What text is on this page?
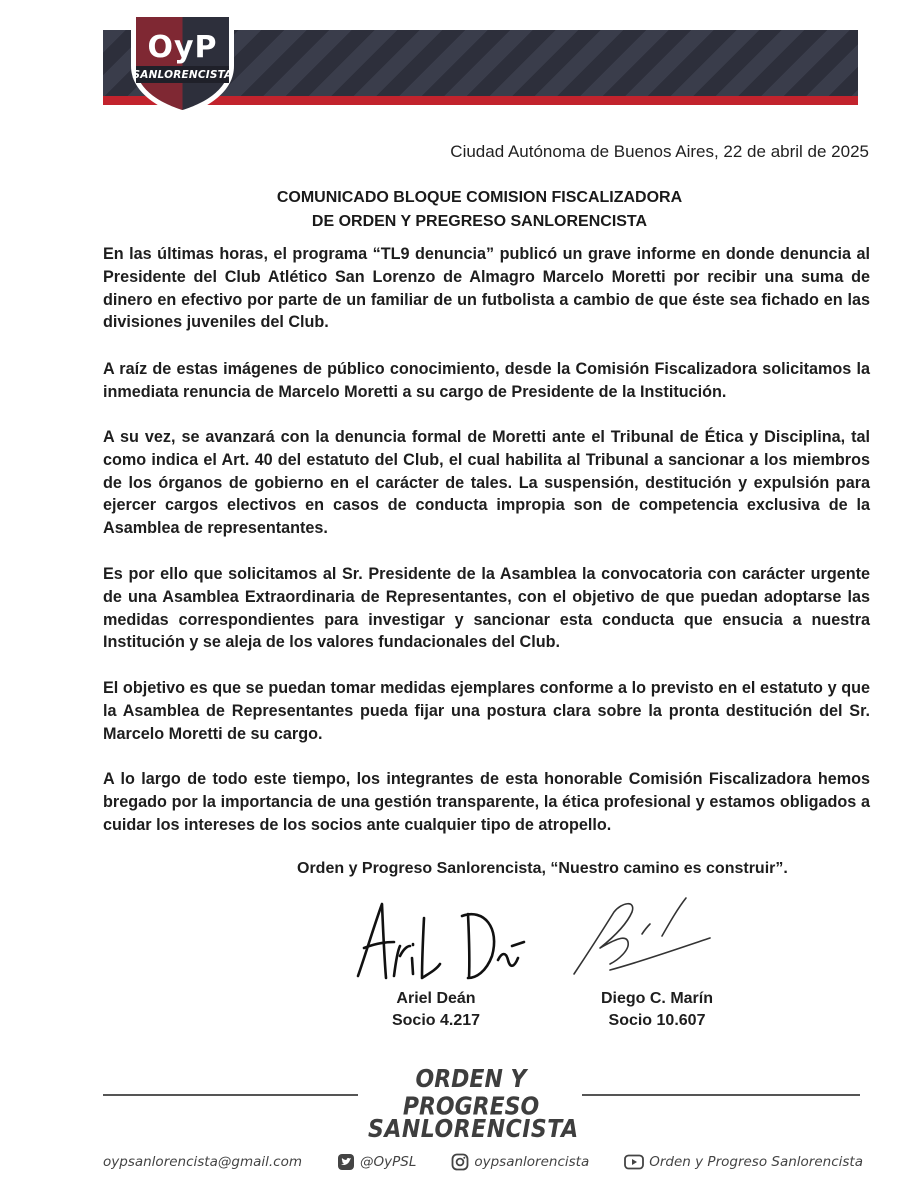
OyP
SANLORENCISTA
Ciudad Autónoma de Buenos Aires, 22 de abril de 2025
COMUNICADO BLOQUE COMISION FISCALIZADORA
DE ORDEN Y PREGRESO SANLORENCISTA

En las últimas horas, el programa “TL9 denuncia” publicó un grave informe en donde denuncia al Presidente del Club Atlético San Lorenzo de Almagro Marcelo Moretti por recibir una suma de dinero en efectivo por parte de un familiar de un futbolista a cambio de que éste sea fichado en las divisiones juveniles del Club.

A raíz de estas imágenes de público conocimiento, desde la Comisión Fiscalizadora solicitamos la inmediata renuncia de Marcelo Moretti a su cargo de Presidente de la Institución.

A su vez, se avanzará con la denuncia formal de Moretti ante el Tribunal de Ética y Disciplina, tal como indica el Art. 40 del estatuto del Club, el cual habilita al Tribunal a sancionar a los miembros de los órganos de gobierno en el carácter de tales. La suspensión, destitución y expulsión para ejercer cargos electivos en casos de conducta impropia son de competencia exclusiva de la Asamblea de representantes.

Es por ello que solicitamos al Sr. Presidente de la Asamblea la convocatoria con carácter urgente de una Asamblea Extraordinaria de Representantes, con el objetivo de que puedan adoptarse las medidas correspondientes para investigar y sancionar esta conducta que ensucia a nuestra Institución y se aleja de los valores fundacionales del Club.

El objetivo es que se puedan tomar medidas ejemplares conforme a lo previsto en el estatuto y que la Asamblea de Representantes pueda fijar una postura clara sobre la pronta destitución del Sr. Marcelo Moretti de su cargo.

A lo largo de todo este tiempo, los integrantes de esta honorable Comisión Fiscalizadora hemos bregado por la importancia de una gestión transparente, la ética profesional y estamos obligados a cuidar los intereses de los socios ante cualquier tipo de atropello.

Orden y Progreso Sanlorencista, “Nuestro camino es construir”.
Ariel Deán
Socio 4.217
Diego C. Marín
Socio 10.607
ORDEN Y PROGRESO
SANLORENCISTA
oypsanlorencista@gmail.com	@OyPSL	oypsanlorencista	Orden y Progreso Sanlorencista
